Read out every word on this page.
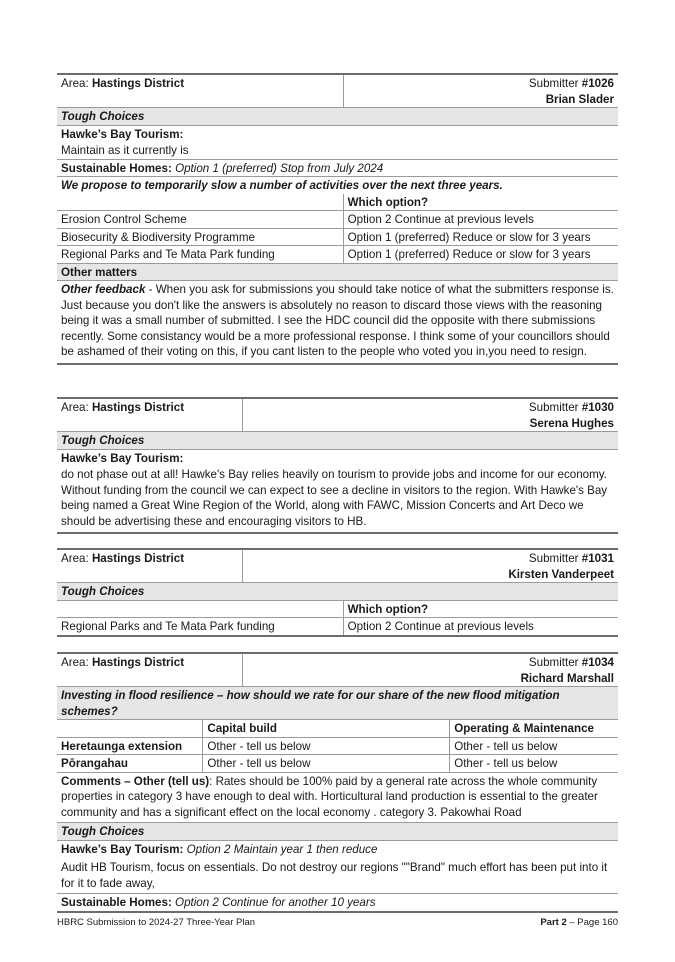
Area: Hastings District	Submitter #1026
Brian Slader
Tough Choices	
Hawke’s Bay Tourism:	
Maintain as it currently is	
Sustainable Homes: Option 1 (preferred) Stop from July 2024	
We propose to temporarily slow a number of activities over the next three years.	
	Which option?
Erosion Control Scheme	Option 2 Continue at previous levels
Biosecurity & Biodiversity Programme	Option 1 (preferred) Reduce or slow for 3 years
Regional Parks and Te Mata Park funding	Option 1 (preferred) Reduce or slow for 3 years
Other matters	
Other feedback - When you ask for submissions you should take notice of what the submitters response is. Just because you don't like the answers is absolutely no reason to discard those views with the reasoning being it was a small number of submitted. I see the HDC council did the opposite with there submissions recently. Some consistancy would be a more professional response. I think some of your councillors should be ashamed of their voting on this, if you cant listen to the people who voted you in,you need to resign.	
Area: Hastings District	Submitter #1030
Serena Hughes
Tough Choices
Hawke’s Bay Tourism:
do not phase out at all! Hawke's Bay relies heavily on tourism to provide jobs and income for our economy. Without funding from the council we can expect to see a decline in visitors to the region. With Hawke's Bay being named a Great Wine Region of the World, along with FAWC, Mission Concerts and Art Deco we should be advertising these and encouraging visitors to HB.
Area: Hastings District	Submitter #1031
Kirsten Vanderpeet	
Tough Choices		
		Which option?
Regional Parks and Te Mata Park funding		Option 2 Continue at previous levels
Area: Hastings District		Submitter #1034
Richard Marshall	
Investing in flood resilience – how should we rate for our share of the new flood mitigation schemes?			
	Capital build		Operating & Maintenance
Heretaunga extension	Other - tell us below		Other - tell us below
Pōrangahau	Other - tell us below		Other - tell us below
Comments – Other (tell us): Rates should be 100% paid by a general rate across the whole community properties in category 3 have enough to deal with. Horticultural land production is essential to the greater community and has a significant effect on the local economy . category 3. Pakowhai Road			
Tough Choices			
Hawke’s Bay Tourism: Option 2 Maintain year 1 then reduce			
Audit HB Tourism, focus on essentials. Do not destroy our regions ""Brand" much effort has been put into it for it to fade away,			
Sustainable Homes: Option 2 Continue for another 10 years			
HBRC Submission to 2024-27 Three-Year Plan	Part 2 – Page 160
